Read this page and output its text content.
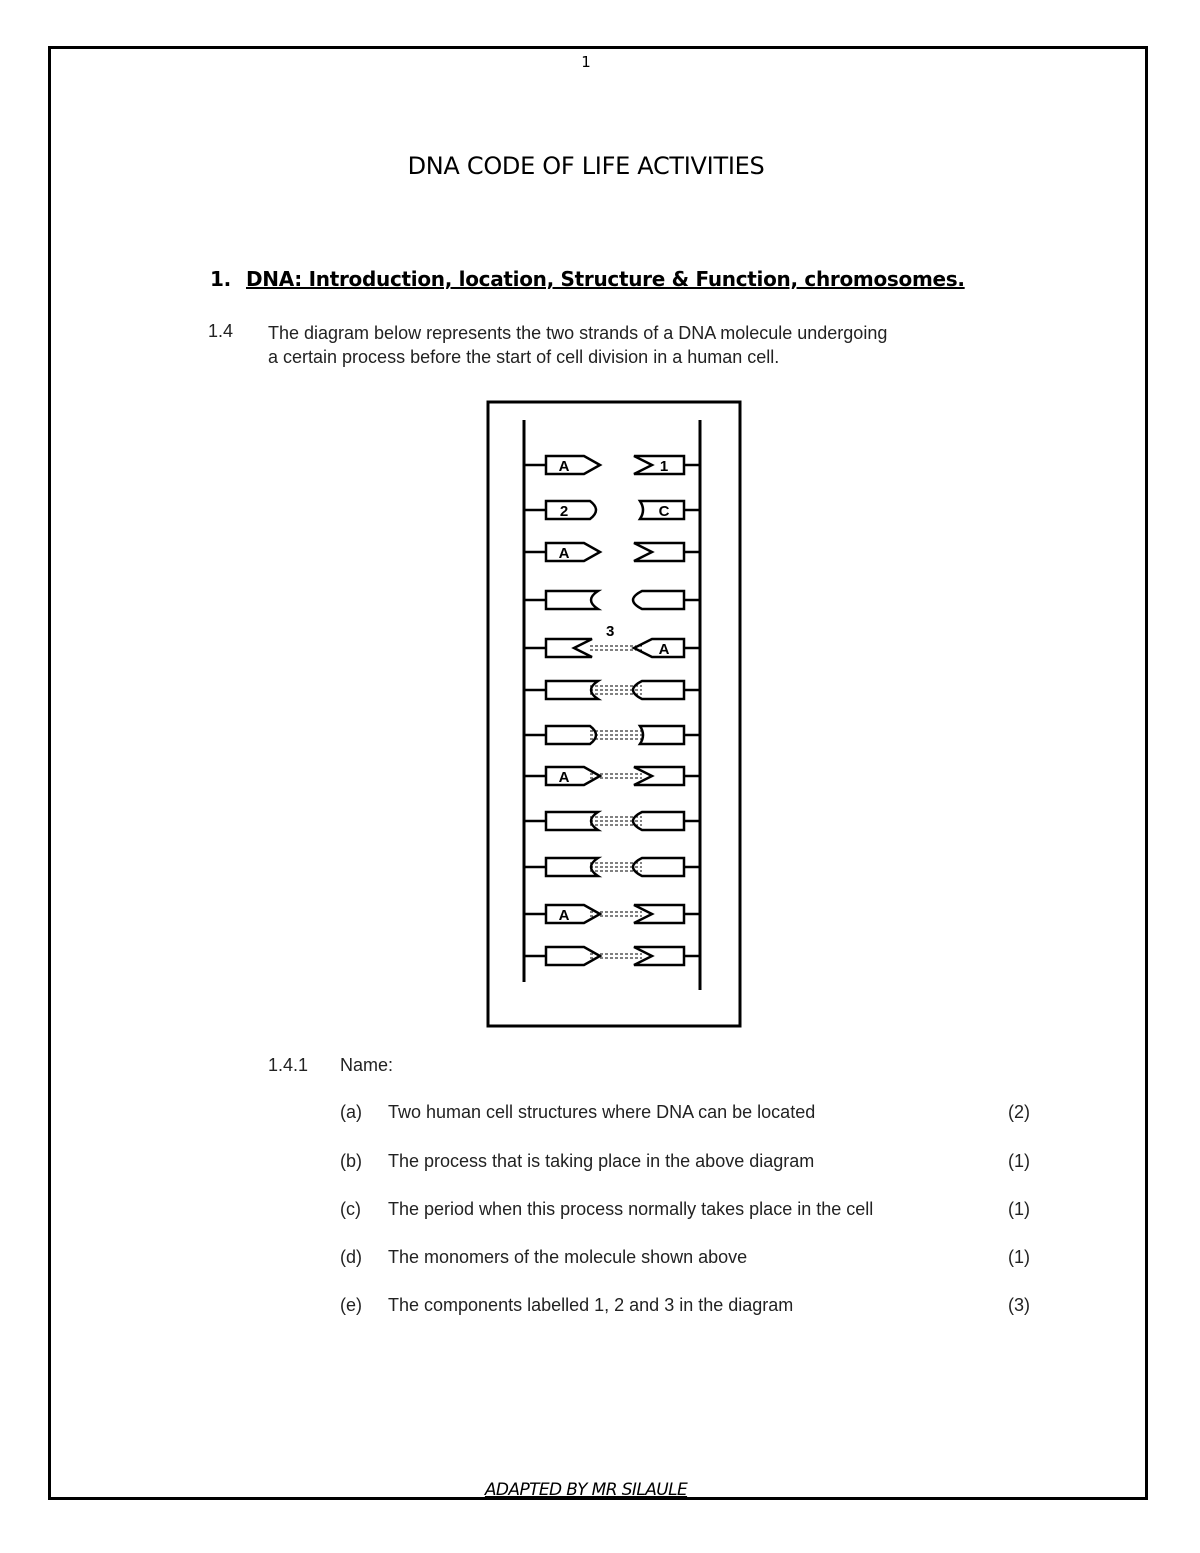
1
DNA CODE OF LIFE ACTIVITIES
1. DNA: Introduction, location, Structure & Function, chromosomes.
1.4 The diagram below represents the two strands of a DNA molecule undergoing
a certain process before the start of cell division in a human cell.
A	1
2	C
A
A
A
A
3
1.4.1 Name:
(a) Two human cell structures where DNA can be located	(2)
(b) The process that is taking place in the above diagram	(1)
(c) The period when this process normally takes place in the cell	(1)
(d) The monomers of the molecule shown above	(1)
(e) The components labelled 1, 2 and 3 in the diagram	(3)
ADAPTED BY MR SILAULE
